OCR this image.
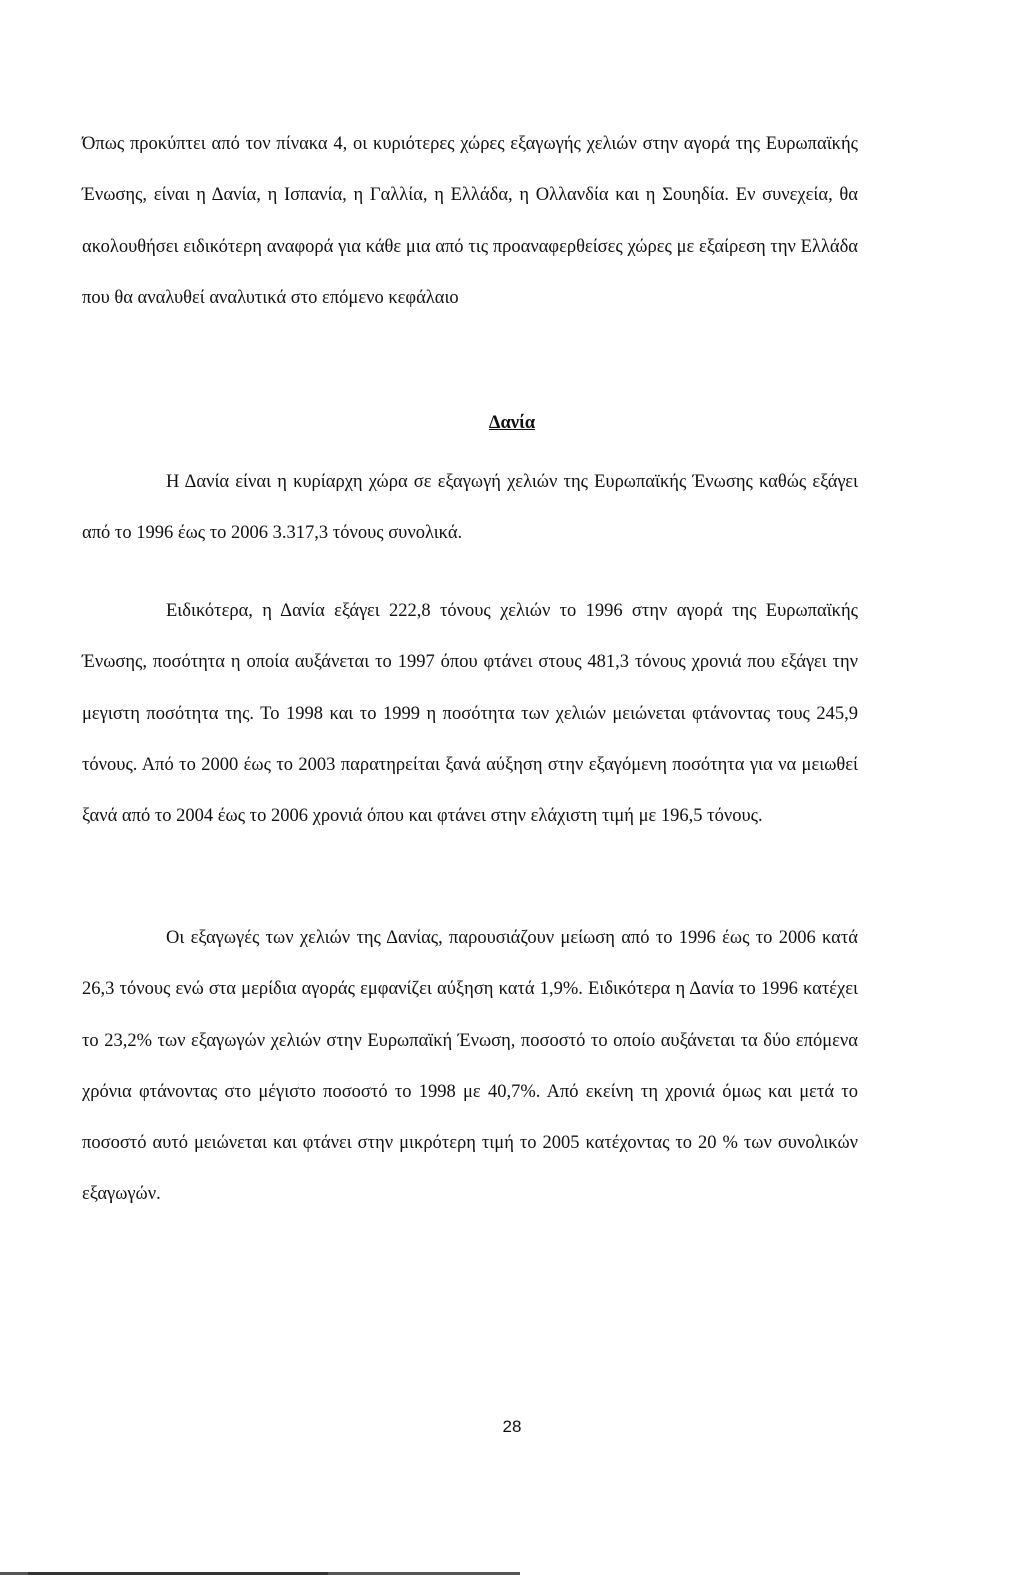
Όπως προκύπτει από τον πίνακα 4, οι κυριότερες χώρες εξαγωγής χελιών στην αγορά της Ευρωπαϊκής Ένωσης, είναι η Δανία, η Ισπανία, η Γαλλία, η Ελλάδα, η Ολλανδία και η Σουηδία. Εν συνεχεία, θα ακολουθήσει ειδικότερη αναφορά για κάθε μια από τις προαναφερθείσες χώρες με εξαίρεση την Ελλάδα που θα αναλυθεί αναλυτικά στο επόμενο κεφάλαιο

Δανία

Η Δανία είναι η κυρίαρχη χώρα σε εξαγωγή χελιών της Ευρωπαϊκής Ένωσης καθώς εξάγει από το 1996 έως το 2006 3.317,3 τόνους συνολικά.

Ειδικότερα, η Δανία εξάγει 222,8 τόνους χελιών το 1996 στην αγορά της Ευρωπαϊκής Ένωσης, ποσότητα η οποία αυξάνεται το 1997 όπου φτάνει στους 481,3 τόνους χρονιά που εξάγει την μεγιστη ποσότητα της. Το 1998 και το 1999 η ποσότητα των χελιών μειώνεται φτάνοντας τους 245,9 τόνους. Από το 2000 έως το 2003 παρατηρείται ξανά αύξηση στην εξαγόμενη ποσότητα για να μειωθεί ξανά από το 2004 έως το 2006 χρονιά όπου και φτάνει στην ελάχιστη τιμή με 196,5 τόνους.

Οι εξαγωγές των χελιών της Δανίας, παρουσιάζουν μείωση από το 1996 έως το 2006 κατά 26,3 τόνους ενώ στα μερίδια αγοράς εμφανίζει αύξηση κατά 1,9%. Ειδικότερα η Δανία το 1996 κατέχει το 23,2% των εξαγωγών χελιών στην Ευρωπαϊκή Ένωση, ποσοστό το οποίο αυξάνεται τα δύο επόμενα χρόνια φτάνοντας στο μέγιστο ποσοστό το 1998 με 40,7%. Από εκείνη τη χρονιά όμως και μετά το ποσοστό αυτό μειώνεται και φτάνει στην μικρότερη τιμή το 2005 κατέχοντας το 20 % των συνολικών εξαγωγών.

28
